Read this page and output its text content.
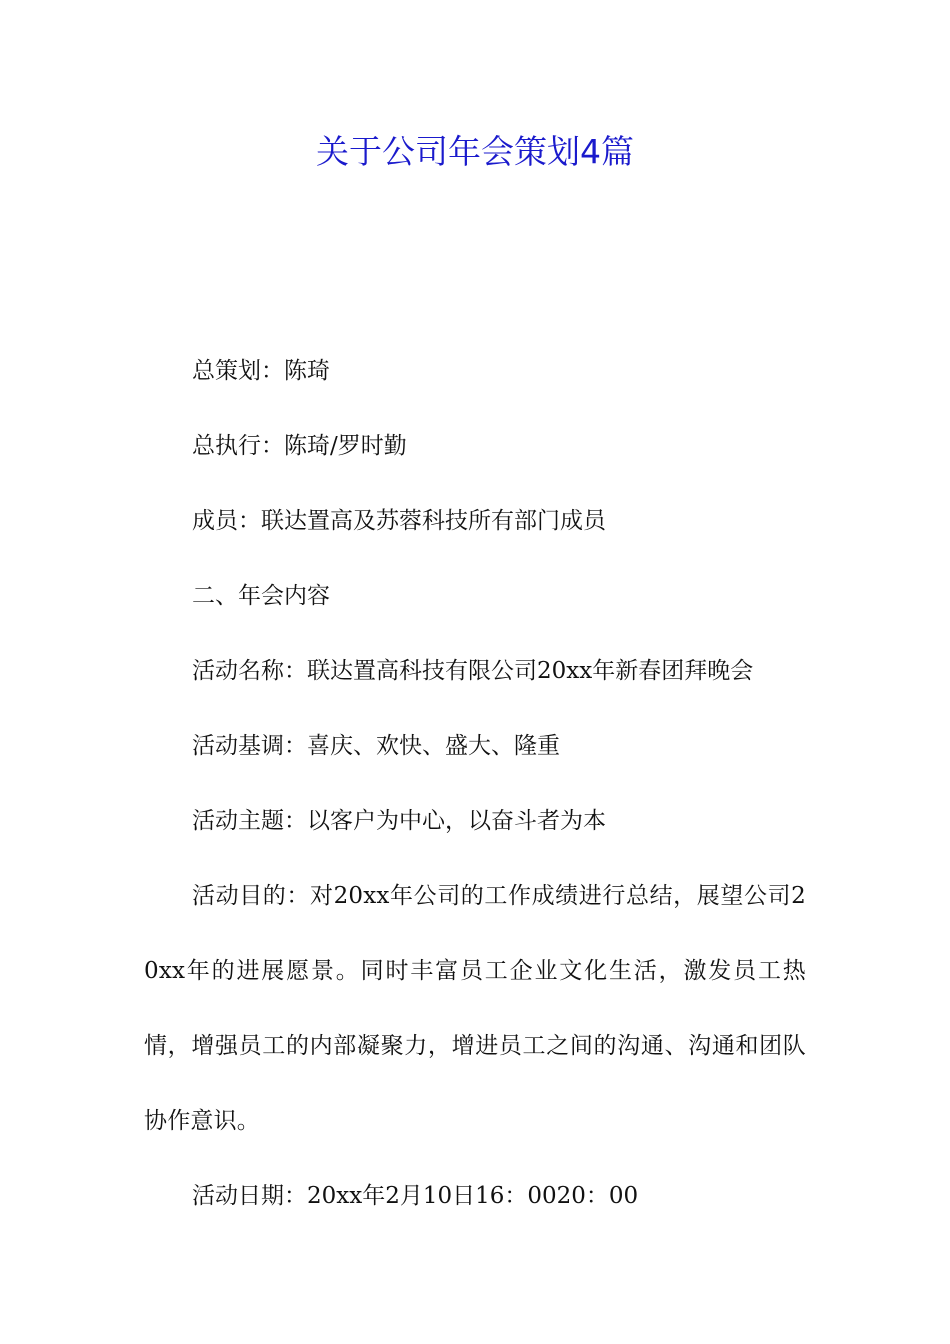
关于公司年会策划4篇

总策划：陈琦

总执行：陈琦/罗时勤

成员：联达置高及苏蓉科技所有部门成员

二、年会内容

活动名称：联达置高科技有限公司20xx年新春团拜晚会

活动基调：喜庆、欢快、盛大、隆重

活动主题：以客户为中心，以奋斗者为本

活动目的：对20xx年公司的工作成绩进行总结，展望公司20xx年的进展愿景。同时丰富员工企业文化生活，激发员工热情，增强员工的内部凝聚力，增进员工之间的沟通、沟通和团队协作意识。

活动日期：20xx年2月10日16：0020：00
